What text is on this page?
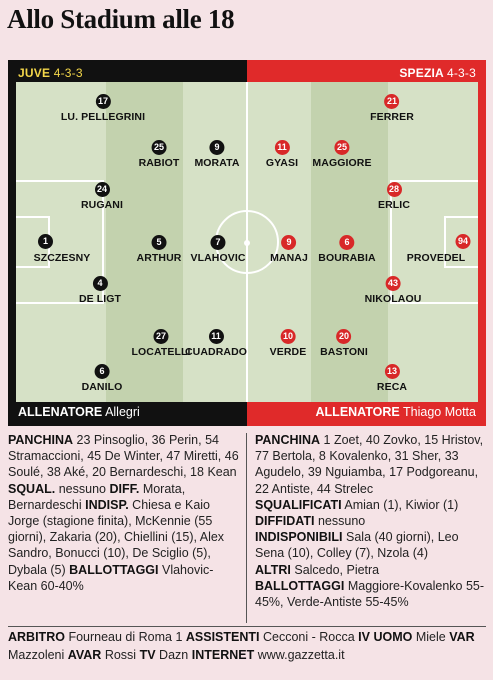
Allo Stadium alle 18
JUVE 4-3-3	SPEZIA 4-3-3
17
LU. PELLEGRINI
25
RABIOT
9
MORATA
24
RUGANI
1
SZCZESNY
5
ARTHUR
7
VLAHOVIC
4
DE LIGT
27
LOCATELLI
11
CUADRADO
6
DANILO
21
FERRER
11
GYASI
25
MAGGIORE
28
ERLIC
9
MANAJ
6
BOURABIA
94
PROVEDEL
43
NIKOLAOU
10
VERDE
20
BASTONI
13
RECA
ALLENATORE Allegri	ALLENATORE Thiago Motta
PANCHINA 23 Pinsoglio, 36 Perin, 54 Stramaccioni, 45 De Winter, 47 Miretti, 46 Soulé, 38 Aké, 20 Bernardeschi, 18 Kean SQUAL. nessuno DIFF. Morata, Bernardeschi INDISP. Chiesa e Kaio Jorge (stagione finita), McKennie (55 giorni), Zakaria (20), Chiellini (15), Alex Sandro, Bonucci (10), De Sciglio (5), Dybala (5) BALLOTTAGGI Vlahovic-Kean 60-40%
PANCHINA 1 Zoet, 40 Zovko, 15 Hristov, 77 Bertola, 8 Kovalenko, 31 Sher, 33 Agudelo, 39 Nguiamba, 17 Podgoreanu, 22 Antiste, 44 Strelec
SQUALIFICATI Amian (1), Kiwior (1)
DIFFIDATI nessuno
INDISPONIBILI Sala (40 giorni), Leo Sena (10), Colley (7), Nzola (4)
ALTRI Salcedo, Pietra
BALLOTTAGGI Maggiore-Kovalenko 55-45%, Verde-Antiste 55-45%
ARBITRO Fourneau di Roma 1 ASSISTENTI Cecconi - Rocca IV UOMO Miele VAR Mazzoleni AVAR Rossi TV Dazn INTERNET www.gazzetta.it
